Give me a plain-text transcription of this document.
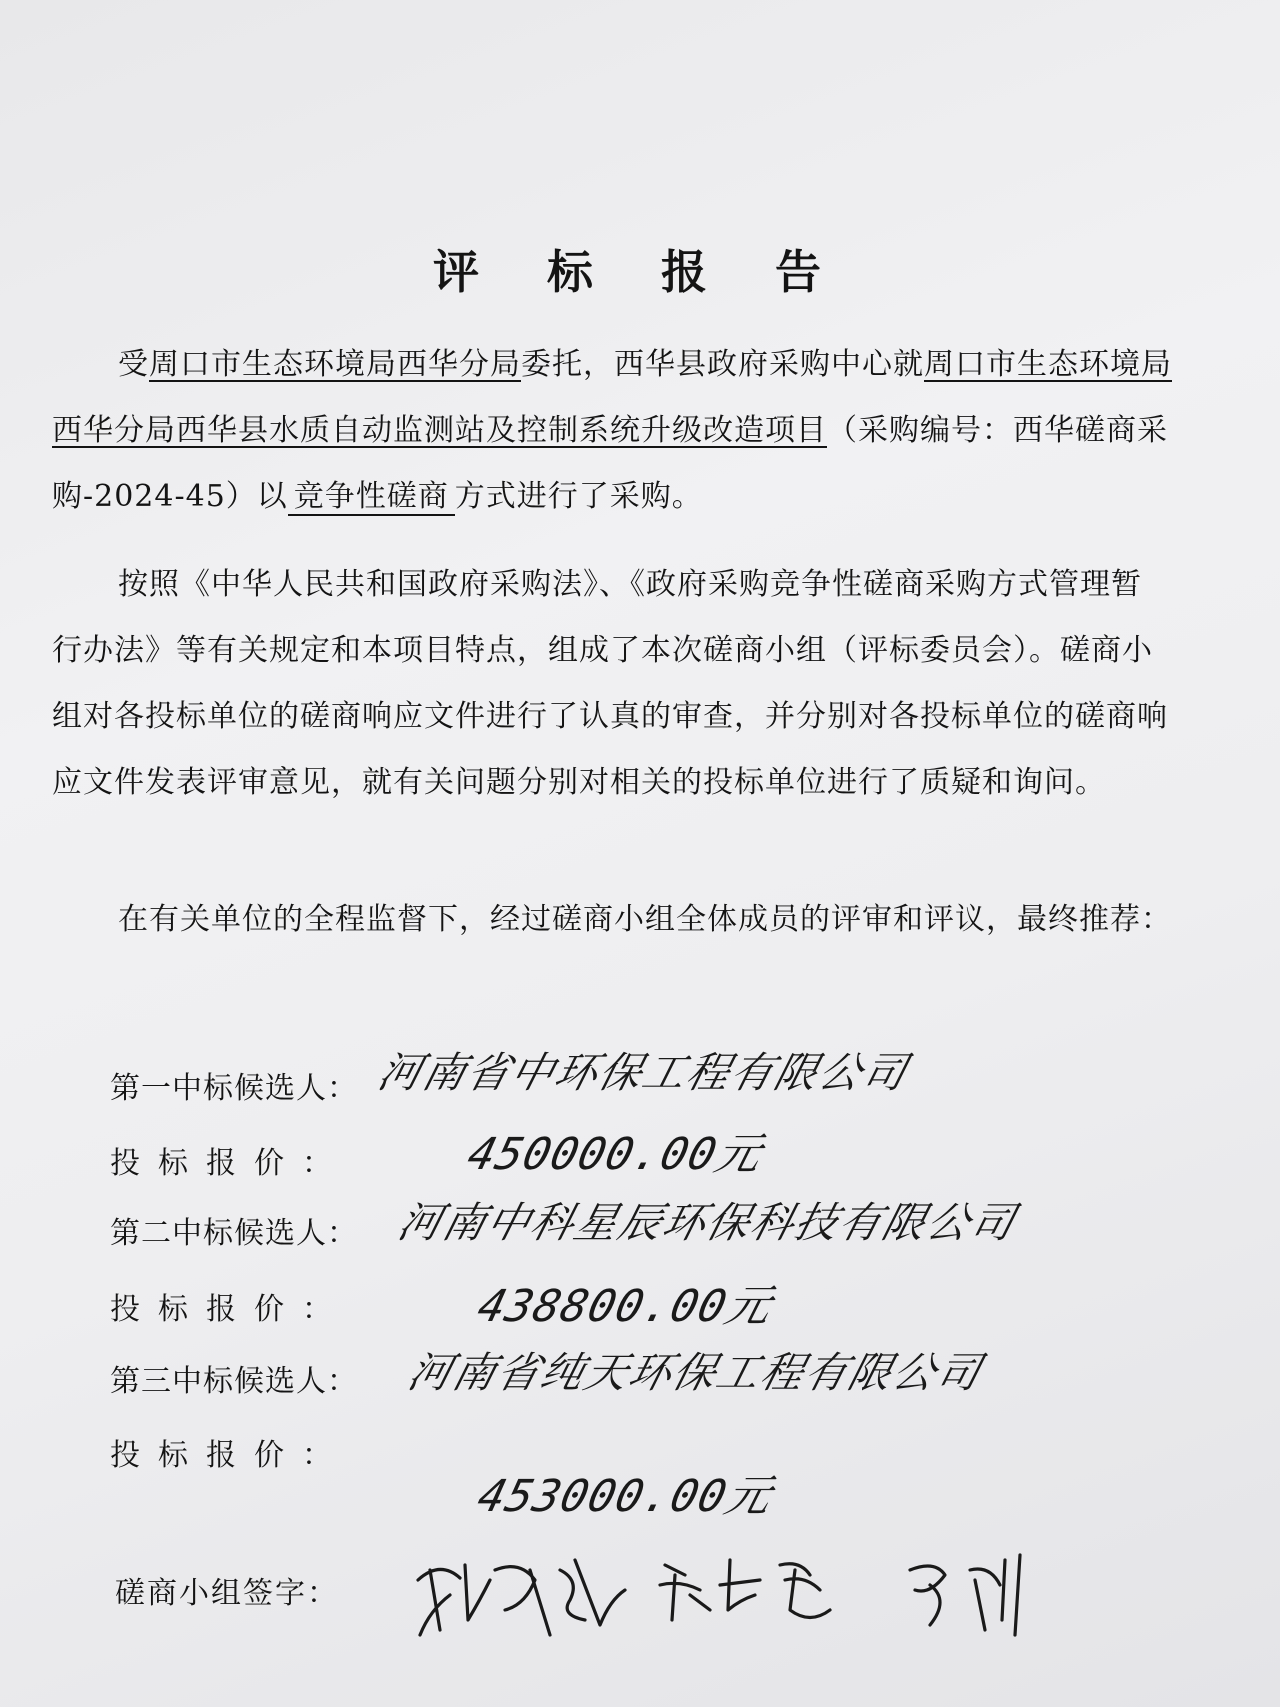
评 标 报 告

受周口市生态环境局西华分局委托，西华县政府采购中心就周口市生态环境局西华分局西华县水质自动监测站及控制系统升级改造项目（采购编号：西华磋商采购-2024-45）以 竞争性磋商 方式进行了采购。

按照《中华人民共和国政府采购法》、《政府采购竞争性磋商采购方式管理暂行办法》等有关规定和本项目特点，组成了本次磋商小组（评标委员会）。磋商小组对各投标单位的磋商响应文件进行了认真的审查，并分别对各投标单位的磋商响应文件发表评审意见，就有关问题分别对相关的投标单位进行了质疑和询问。

在有关单位的全程监督下，经过磋商小组全体成员的评审和评议，最终推荐：

第一中标候选人： 河南省中环保工程有限公司
投标报价：	450000.00元
第二中标候选人： 河南中科星辰环保科技有限公司
投标报价：	438800.00元
第三中标候选人： 河南省纯天环保工程有限公司
投标报价：
453000.00元
磋商小组签字：
